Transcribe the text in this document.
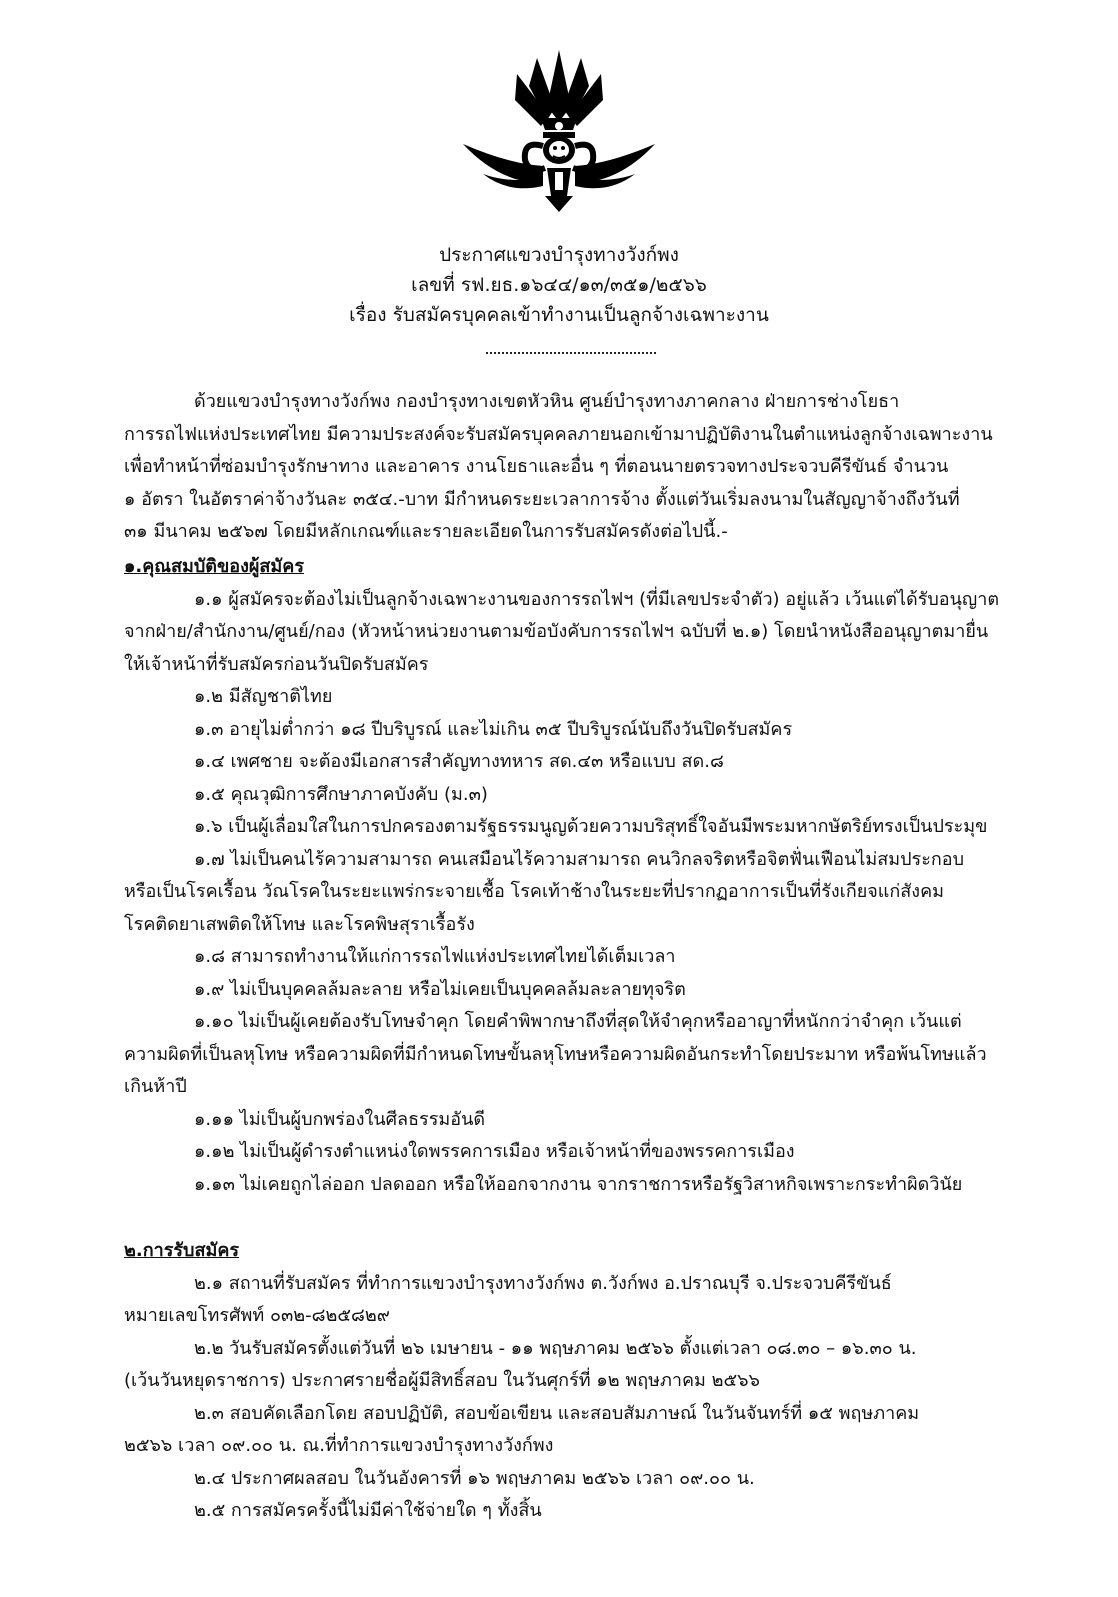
ประกาศแขวงบำรุงทางวังก์พง

เลขที่ รฟ.ยธ.๑๖๔๔/๑๓/๓๕๑/๒๕๖๖

เรื่อง รับสมัครบุคคลเข้าทำงานเป็นลูกจ้างเฉพาะงาน

ด้วยแขวงบำรุงทางวังก์พง กองบำรุงทางเขตหัวหิน ศูนย์บำรุงทางภาคกลาง ฝ่ายการช่างโยธา

การรถไฟแห่งประเทศไทย มีความประสงค์จะรับสมัครบุคคลภายนอกเข้ามาปฏิบัติงานในตำแหน่งลูกจ้างเฉพาะงาน

เพื่อทำหน้าที่ซ่อมบำรุงรักษาทาง และอาคาร งานโยธาและอื่น ๆ ที่ตอนนายตรวจทางประจวบคีรีขันธ์ จำนวน

๑ อัตรา ในอัตราค่าจ้างวันละ ๓๕๔.-บาท มีกำหนดระยะเวลาการจ้าง ตั้งแต่วันเริ่มลงนามในสัญญาจ้างถึงวันที่

๓๑ มีนาคม ๒๕๖๗ โดยมีหลักเกณฑ์และรายละเอียดในการรับสมัครดังต่อไปนี้.-

๑.คุณสมบัติของผู้สมัคร

๑.๑ ผู้สมัครจะต้องไม่เป็นลูกจ้างเฉพาะงานของการรถไฟฯ (ที่มีเลขประจำตัว) อยู่แล้ว เว้นแต่ได้รับอนุญาต

จากฝ่าย/สำนักงาน/ศูนย์/กอง (หัวหน้าหน่วยงานตามข้อบังคับการรถไฟฯ ฉบับที่ ๒.๑) โดยนำหนังสืออนุญาตมายื่น

ให้เจ้าหน้าที่รับสมัครก่อนวันปิดรับสมัคร

๑.๒ มีสัญชาติไทย

๑.๓ อายุไม่ต่ำกว่า ๑๘ ปีบริบูรณ์ และไม่เกิน ๓๕ ปีบริบูรณ์นับถึงวันปิดรับสมัคร

๑.๔ เพศชาย จะต้องมีเอกสารสำคัญทางทหาร สด.๔๓ หรือแบบ สด.๘

๑.๕ คุณวุฒิการศึกษาภาคบังคับ (ม.๓)

๑.๖ เป็นผู้เลื่อมใสในการปกครองตามรัฐธรรมนูญด้วยความบริสุทธิ์ใจอันมีพระมหากษัตริย์ทรงเป็นประมุข

๑.๗ ไม่เป็นคนไร้ความสามารถ คนเสมือนไร้ความสามารถ คนวิกลจริตหรือจิตฟั่นเฟือนไม่สมประกอบ

หรือเป็นโรคเรื้อน วัณโรคในระยะแพร่กระจายเชื้อ โรคเท้าช้างในระยะที่ปรากฏอาการเป็นที่รังเกียจแก่สังคม

โรคติดยาเสพติดให้โทษ และโรคพิษสุราเรื้อรัง

๑.๘ สามารถทำงานให้แก่การรถไฟแห่งประเทศไทยได้เต็มเวลา

๑.๙ ไม่เป็นบุคคลล้มละลาย หรือไม่เคยเป็นบุคคลล้มละลายทุจริต

๑.๑๐ ไม่เป็นผู้เคยต้องรับโทษจำคุก โดยคำพิพากษาถึงที่สุดให้จำคุกหรืออาญาที่หนักกว่าจำคุก เว้นแต่

ความผิดที่เป็นลหุโทษ หรือความผิดที่มีกำหนดโทษขั้นลหุโทษหรือความผิดอันกระทำโดยประมาท หรือพ้นโทษแล้ว

เกินห้าปี

๑.๑๑ ไม่เป็นผู้บกพร่องในศีลธรรมอันดี

๑.๑๒ ไม่เป็นผู้ดำรงตำแหน่งใดพรรคการเมือง หรือเจ้าหน้าที่ของพรรคการเมือง

๑.๑๓ ไม่เคยถูกไล่ออก ปลดออก หรือให้ออกจากงาน จากราชการหรือรัฐวิสาหกิจเพราะกระทำผิดวินัย

๒.การรับสมัคร

๒.๑ สถานที่รับสมัคร ที่ทำการแขวงบำรุงทางวังก์พง ต.วังก์พง อ.ปราณบุรี จ.ประจวบคีรีขันธ์

หมายเลขโทรศัพท์ ๐๓๒-๘๒๕๘๒๙

๒.๒ วันรับสมัครตั้งแต่วันที่ ๒๖ เมษายน - ๑๑ พฤษภาคม ๒๕๖๖ ตั้งแต่เวลา ๐๘.๓๐ – ๑๖.๓๐ น.

(เว้นวันหยุดราชการ) ประกาศรายชื่อผู้มีสิทธิ์สอบ ในวันศุกร์ที่ ๑๒ พฤษภาคม ๒๕๖๖

๒.๓ สอบคัดเลือกโดย สอบปฏิบัติ, สอบข้อเขียน และสอบสัมภาษณ์ ในวันจันทร์ที่ ๑๕ พฤษภาคม

๒๕๖๖ เวลา ๐๙.๐๐ น. ณ.ที่ทำการแขวงบำรุงทางวังก์พง

๒.๔ ประกาศผลสอบ ในวันอังคารที่ ๑๖ พฤษภาคม ๒๕๖๖ เวลา ๐๙.๐๐ น.

๒.๕ การสมัครครั้งนี้ไม่มีค่าใช้จ่ายใด ๆ ทั้งสิ้น
